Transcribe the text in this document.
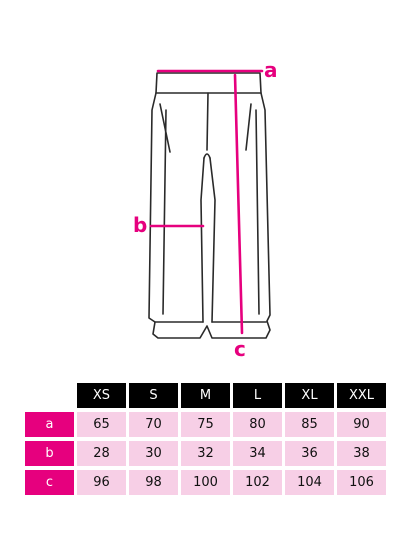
a
b
c
	XS	S	M	L	XL	XXL
a	65	70	75	80	85	90
b	28	30	32	34	36	38
c	96	98	100	102	104	106
